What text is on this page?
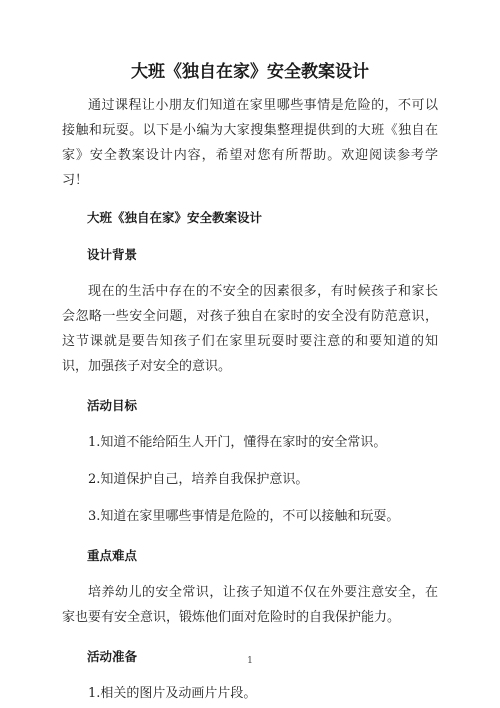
大班《独自在家》安全教案设计

通过课程让小朋友们知道在家里哪些事情是危险的，不可以接触和玩耍。以下是小编为大家搜集整理提供到的大班《独自在家》安全教案设计内容，希望对您有所帮助。欢迎阅读参考学习！

大班《独自在家》安全教案设计
设计背景

现在的生活中存在的不安全的因素很多，有时候孩子和家长会忽略一些安全问题，对孩子独自在家时的安全没有防范意识，这节课就是要告知孩子们在家里玩耍时要注意的和要知道的知识，加强孩子对安全的意识。

活动目标

1.知道不能给陌生人开门，懂得在家时的安全常识。

2.知道保护自己，培养自我保护意识。

3.知道在家里哪些事情是危险的，不可以接触和玩耍。

重点难点

培养幼儿的安全常识，让孩子知道不仅在外要注意安全，在家也要有安全意识，锻炼他们面对危险时的自我保护能力。

活动准备

1.相关的图片及动画片片段。

1
